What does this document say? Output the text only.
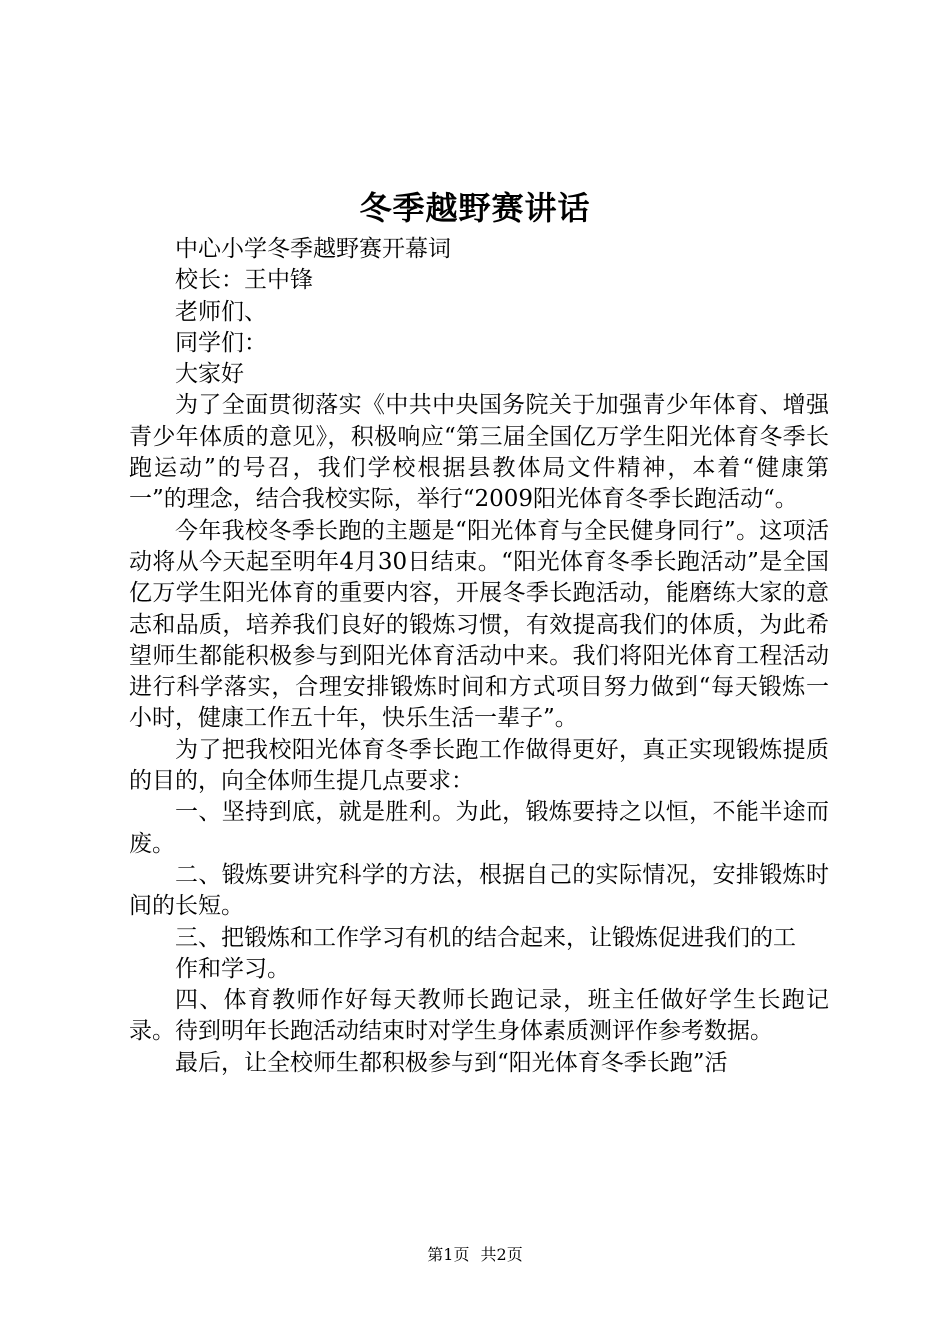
冬季越野赛讲话

中心小学冬季越野赛开幕词

校长：王中锋

老师们、

同学们：

大家好

为了全面贯彻落实《中共中央国务院关于加强青少年体育、增强青少年体质的意见》，积极响应“第三届全国亿万学生阳光体育冬季长跑运动”的号召，我们学校根据县教体局文件精神，本着“健康第一”的理念，结合我校实际，举行“2009阳光体育冬季长跑活动“。

今年我校冬季长跑的主题是“阳光体育与全民健身同行”。这项活动将从今天起至明年4月30日结束。“阳光体育冬季长跑活动”是全国亿万学生阳光体育的重要内容，开展冬季长跑活动，能磨练大家的意志和品质，培养我们良好的锻炼习惯，有效提高我们的体质，为此希望师生都能积极参与到阳光体育活动中来。我们将阳光体育工程活动进行科学落实，合理安排锻炼时间和方式项目努力做到“每天锻炼一小时，健康工作五十年，快乐生活一辈子”。

为了把我校阳光体育冬季长跑工作做得更好，真正实现锻炼提质的目的，向全体师生提几点要求：

一、坚持到底，就是胜利。为此，锻炼要持之以恒，不能半途而废。

二、锻炼要讲究科学的方法，根据自己的实际情况，安排锻炼时间的长短。

三、把锻炼和工作学习有机的结合起来，让锻炼促进我们的工

作和学习。

四、体育教师作好每天教师长跑记录，班主任做好学生长跑记录。待到明年长跑活动结束时对学生身体素质测评作参考数据。

最后，让全校师生都积极参与到“阳光体育冬季长跑”活

第1页 共2页
